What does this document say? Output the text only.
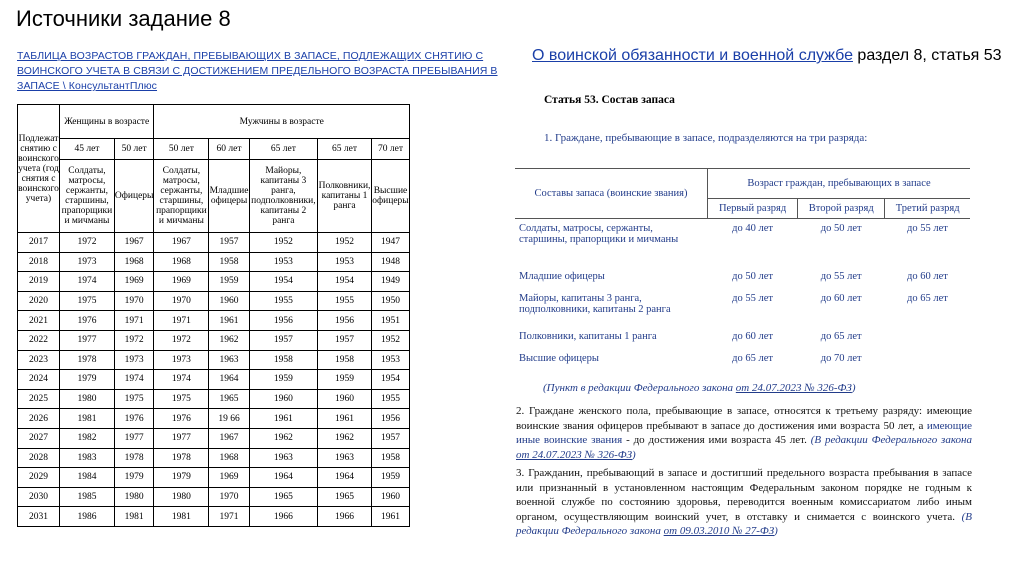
Источники задание 8
ТАБЛИЦА ВОЗРАСТОВ ГРАЖДАН, ПРЕБЫВАЮЩИХ В ЗАПАСЕ, ПОДЛЕЖАЩИХ СНЯТИЮ С ВОИНСКОГО УЧЕТА В СВЯЗИ С ДОСТИЖЕНИЕМ ПРЕДЕЛЬНОГО ВОЗРАСТА ПРЕБЫВАНИЯ В ЗАПАСЕ \ КонсультантПлюс
О воинской обязанности и военной службе раздел 8, статья 53
Подлежат снятию с воинского учета (год снятия с воинского учета)	Женщины в возрасте		Мужчины в возрасте				
	45 лет	50 лет	50 лет	60 лет	65 лет	65 лет	70 лет
	Солдаты, матросы, сержанты, старшины, прапорщики и мичманы	Офицеры	Солдаты, матросы, сержанты, старшины, прапорщики и мичманы	Младшие офицеры	Майоры, капитаны 3 ранга, подполковники, капитаны 2 ранга	Полковники, капитаны 1 ранга	Высшие офицеры
2017	1972	1967	1967	1957	1952	1952	1947
2018	1973	1968	1968	1958	1953	1953	1948
2019	1974	1969	1969	1959	1954	1954	1949
2020	1975	1970	1970	1960	1955	1955	1950
2021	1976	1971	1971	1961	1956	1956	1951
2022	1977	1972	1972	1962	1957	1957	1952
2023	1978	1973	1973	1963	1958	1958	1953
2024	1979	1974	1974	1964	1959	1959	1954
2025	1980	1975	1975	1965	1960	1960	1955
2026	1981	1976	1976	19 66	1961	1961	1956
2027	1982	1977	1977	1967	1962	1962	1957
2028	1983	1978	1978	1968	1963	1963	1958
2029	1984	1979	1979	1969	1964	1964	1959
2030	1985	1980	1980	1970	1965	1965	1960
2031	1986	1981	1981	1971	1966	1966	1961
Статья 53. Состав запаса
1. Граждане, пребывающие в запасе, подразделяются на три разряда:
Составы запаса (воинские звания)	Возраст граждан, пребывающих в запасе		
	Первый разряд	Второй разряд	Третий разряд
Солдаты, матросы, сержанты, старшины, прапорщики и мичманы	до 40 лет	до 50 лет	до 55 лет
Младшие офицеры	до 50 лет	до 55 лет	до 60 лет
Майоры, капитаны 3 ранга, подполковники, капитаны 2 ранга	до 55 лет	до 60 лет	до 65 лет
Полковники, капитаны 1 ранга	до 60 лет	до 65 лет	
Высшие офицеры	до 65 лет	до 70 лет	
(Пункт в редакции Федерального закона от 24.07.2023 № 326-ФЗ)
2. Граждане женского пола, пребывающие в запасе, относятся к третьему разряду: имеющие воинские звания офицеров пребывают в запасе до достижения ими возраста 50 лет, а имеющие иные воинские звания - до достижения ими возраста 45 лет. (В редакции Федерального закона от 24.07.2023 № 326-ФЗ)
3. Гражданин, пребывающий в запасе и достигший предельного возраста пребывания в запасе или признанный в установленном настоящим Федеральным законом порядке не годным к военной службе по состоянию здоровья, переводится военным комиссариатом либо иным органом, осуществляющим воинский учет, в отставку и снимается с воинского учета. (В редакции Федерального закона от 09.03.2010 № 27-ФЗ)
